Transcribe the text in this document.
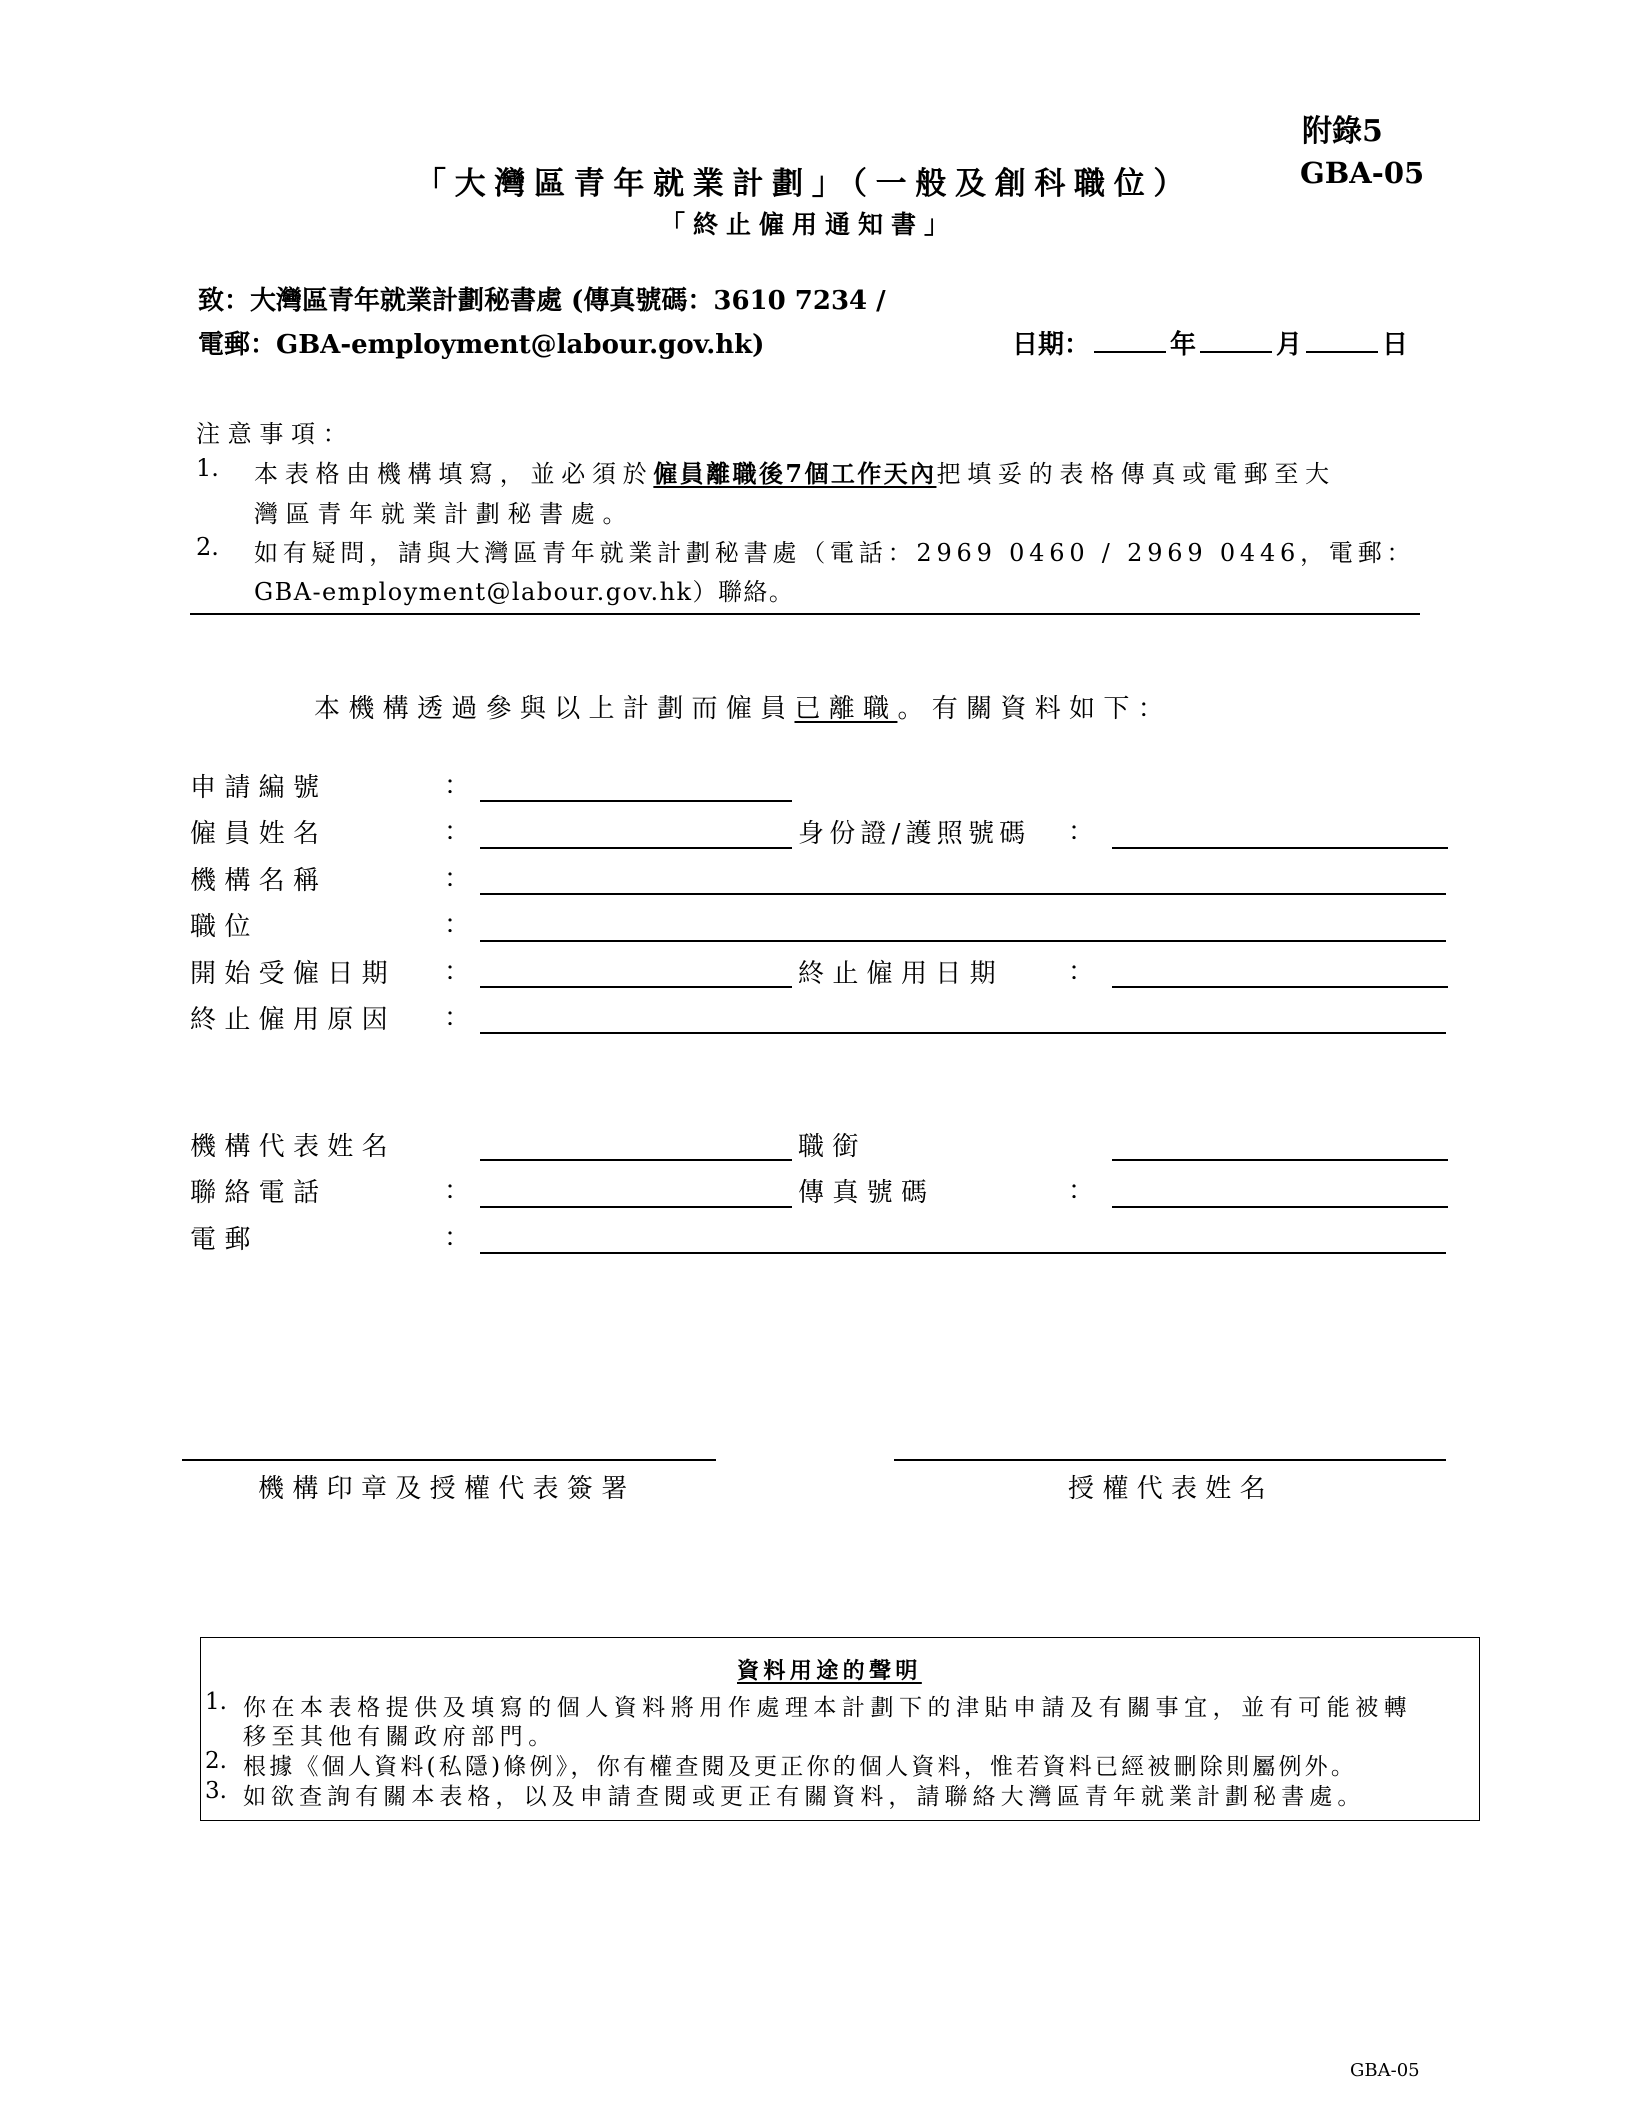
附錄5
GBA-05
「大灣區青年就業計劃」（一般及創科職位）
「終止僱用通知書」
致：大灣區青年就業計劃秘書處 (傳真號碼：3610 7234 /
電郵：GBA-employment@labour.gov.hk)	日期：	年	月	日
注意事項：
1. 本表格由機構填寫，並必須於僱員離職後7個工作天內把填妥的表格傳真或電郵至大
灣區青年就業計劃秘書處。
2. 如有疑問，請與大灣區青年就業計劃秘書處（電話：2969 0460 / 2969 0446，電郵：
GBA-employment@labour.gov.hk）聯絡。
本機構透過參與以上計劃而僱員已離職。有關資料如下：
申請編號	：
僱員姓名	：	身份證/護照號碼 ：
機構名稱	：
職位	：
開始受僱日期 ：	終止僱用日期 ：
終止僱用原因 ：
機構代表姓名	職銜
聯絡電話	：	傳真號碼	：
電郵	：
機構印章及授權代表簽署	授權代表姓名
資料用途的聲明
1. 你在本表格提供及填寫的個人資料將用作處理本計劃下的津貼申請及有關事宜，並有可能被轉
移至其他有關政府部門。
2. 根據《個人資料(私隱)條例》，你有權查閱及更正你的個人資料，惟若資料已經被刪除則屬例外。
3. 如欲查詢有關本表格，以及申請查閱或更正有關資料，請聯絡大灣區青年就業計劃秘書處。
GBA-05
